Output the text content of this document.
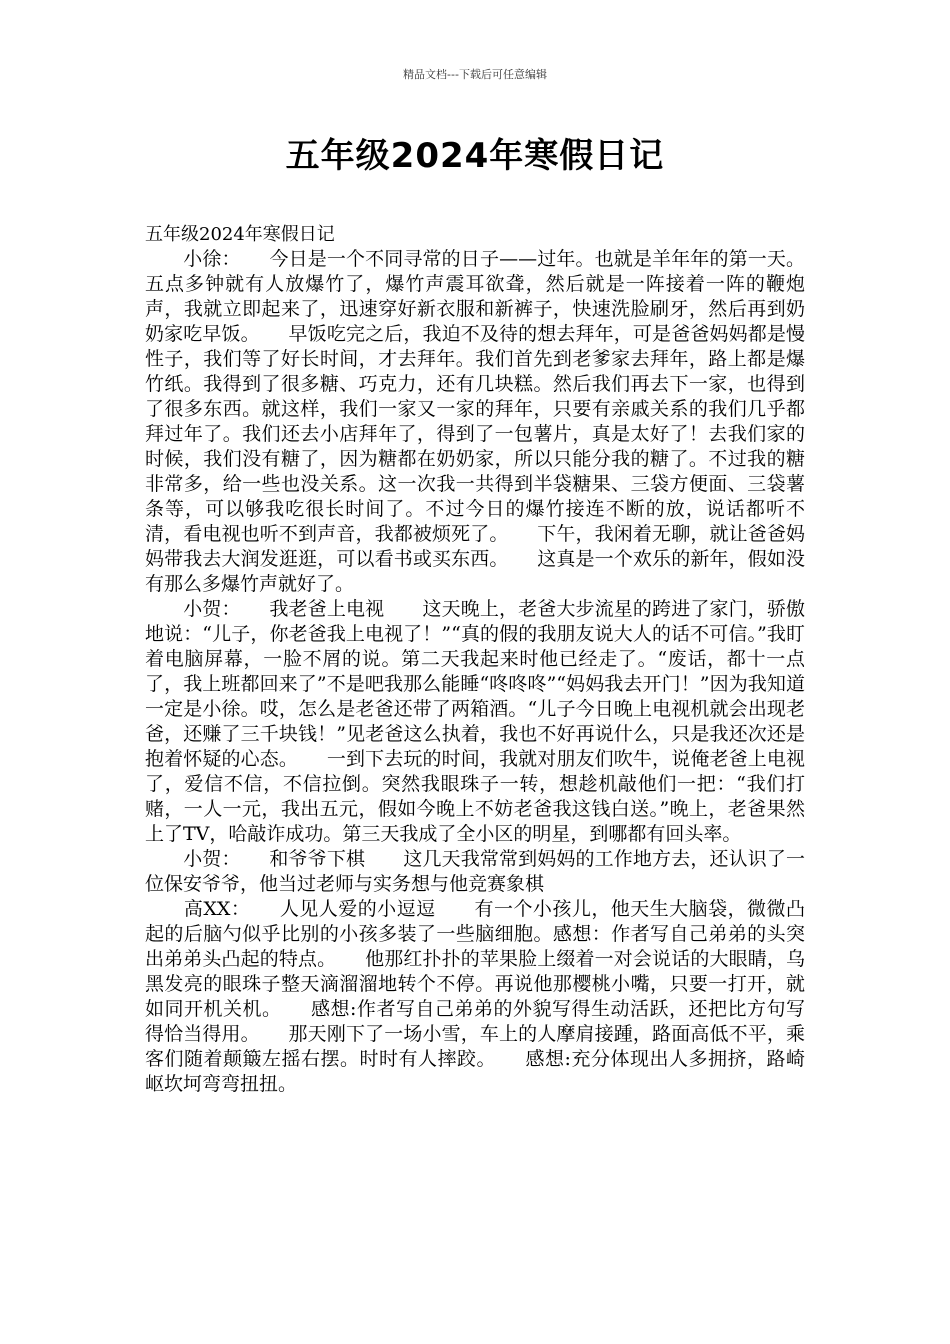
精品文档---下载后可任意编辑
五年级2024年寒假日记

五年级2024年寒假日记

　　小徐：　　今日是一个不同寻常的日子——过年。也就是羊年年的第一天。五点多钟就有人放爆竹了，爆竹声震耳欲聋，然后就是一阵接着一阵的鞭炮声，我就立即起来了，迅速穿好新衣服和新裤子，快速洗脸刷牙，然后再到奶奶家吃早饭。　　早饭吃完之后，我迫不及待的想去拜年，可是爸爸妈妈都是慢性子，我们等了好长时间，才去拜年。我们首先到老爹家去拜年，路上都是爆竹纸。我得到了很多糖、巧克力，还有几块糕。然后我们再去下一家，也得到了很多东西。就这样，我们一家又一家的拜年，只要有亲戚关系的我们几乎都拜过年了。我们还去小店拜年了，得到了一包薯片，真是太好了！去我们家的时候，我们没有糖了，因为糖都在奶奶家，所以只能分我的糖了。不过我的糖非常多，给一些也没关系。这一次我一共得到半袋糖果、三袋方便面、三袋薯条等，可以够我吃很长时间了。不过今日的爆竹接连不断的放，说话都听不清，看电视也听不到声音，我都被烦死了。　　下午，我闲着无聊，就让爸爸妈妈带我去大润发逛逛，可以看书或买东西。　　这真是一个欢乐的新年，假如没有那么多爆竹声就好了。

　　小贺：　　我老爸上电视　　这天晚上，老爸大步流星的跨进了家门，骄傲地说：“儿子，你老爸我上电视了！”“真的假的我朋友说大人的话不可信。”我盯着电脑屏幕，一脸不屑的说。第二天我起来时他已经走了。“废话，都十一点了，我上班都回来了”不是吧我那么能睡“咚咚咚”“妈妈我去开门！”因为我知道一定是小徐。哎，怎么是老爸还带了两箱酒。“儿子今日晚上电视机就会出现老爸，还赚了三千块钱！”见老爸这么执着，我也不好再说什么，只是我还次还是抱着怀疑的心态。　　一到下去玩的时间，我就对朋友们吹牛，说俺老爸上电视了，爱信不信，不信拉倒。突然我眼珠子一转，想趁机敲他们一把：“我们打赌，一人一元，我出五元，假如今晚上不妨老爸我这钱白送。”晚上，老爸果然上了TV，哈敲诈成功。第三天我成了全小区的明星，到哪都有回头率。

　　小贺：　　和爷爷下棋　　这几天我常常到妈妈的工作地方去，还认识了一位保安爷爷，他当过老师与实务想与他竞赛象棋

　　高XX：　　人见人爱的小逗逗　　有一个小孩儿，他天生大脑袋，微微凸起的后脑勺似乎比别的小孩多装了一些脑细胞。感想：作者写自己弟弟的头突出弟弟头凸起的特点。　　他那红扑扑的苹果脸上缀着一对会说话的大眼睛，乌黑发亮的眼珠子整天滴溜溜地转个不停。再说他那樱桃小嘴，只要一打开，就如同开机关机。　　感想:作者写自己弟弟的外貌写得生动活跃，还把比方句写得恰当得用。　　那天刚下了一场小雪，车上的人摩肩接踵，路面高低不平，乘客们随着颠簸左摇右摆。时时有人摔跤。　　感想:充分体现出人多拥挤，路崎岖坎坷弯弯扭扭。
